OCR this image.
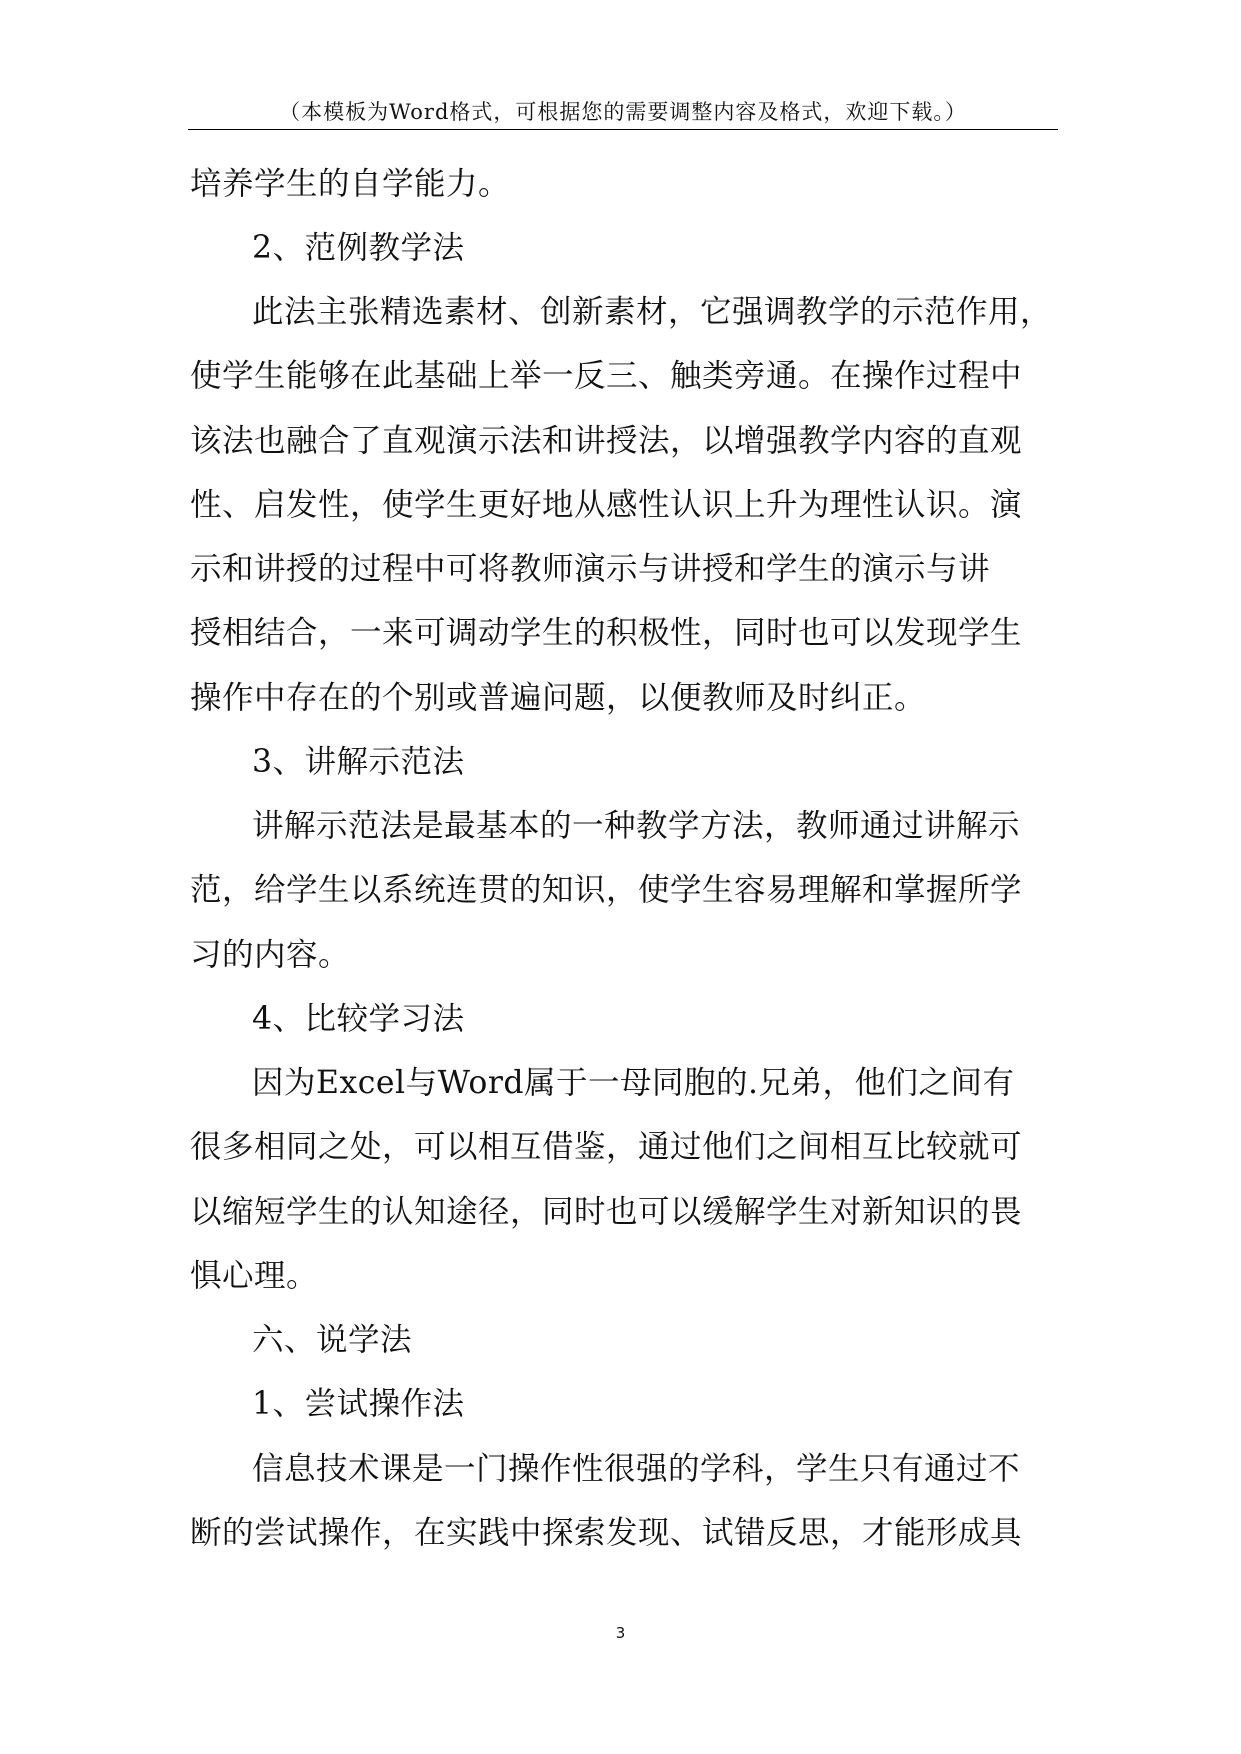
（本模板为Word格式，可根据您的需要调整内容及格式，欢迎下载。）
培养学生的自学能力。
2、范例教学法
此法主张精选素材、创新素材，它强调教学的示范作用，
使学生能够在此基础上举一反三、触类旁通。在操作过程中
该法也融合了直观演示法和讲授法，以增强教学内容的直观
性、启发性，使学生更好地从感性认识上升为理性认识。演
示和讲授的过程中可将教师演示与讲授和学生的演示与讲
授相结合，一来可调动学生的积极性，同时也可以发现学生
操作中存在的个别或普遍问题，以便教师及时纠正。
3、讲解示范法
讲解示范法是最基本的一种教学方法，教师通过讲解示
范，给学生以系统连贯的知识，使学生容易理解和掌握所学
习的内容。
4、比较学习法
因为Excel与Word属于一母同胞的.兄弟，他们之间有
很多相同之处，可以相互借鉴，通过他们之间相互比较就可
以缩短学生的认知途径，同时也可以缓解学生对新知识的畏
惧心理。
六、说学法
1、尝试操作法
信息技术课是一门操作性很强的学科，学生只有通过不
断的尝试操作，在实践中探索发现、试错反思，才能形成具
3
